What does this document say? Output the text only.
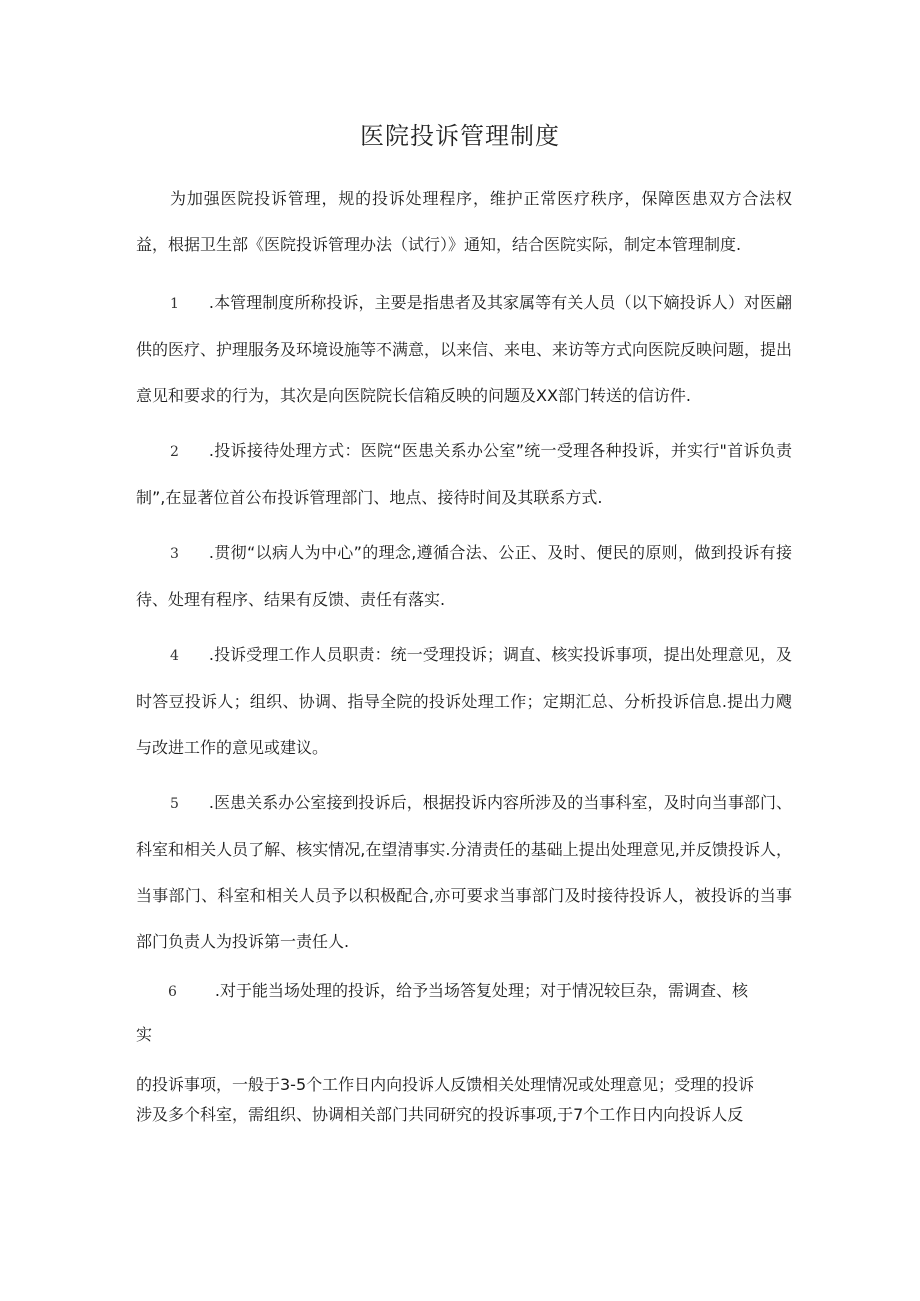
医院投诉管理制度

为加强医院投诉管理，规的投诉处理程序，维护正常医疗秩序，保障医患双方合法权益，根据卫生部《医院投诉管理办法（试行）》通知，结合医院实际，制定本管理制度.

1 .本管理制度所称投诉，主要是指患者及其家属等有关人员（以下嫡投诉人）对医翩供的医疗、护理服务及环境设施等不满意，以来信、来电、来访等方式向医院反映问题，提出意见和要求的行为，其次是向医院院长信箱反映的问题及XX部门转送的信访件.

2 .投诉接待处理方式：医院“医患关系办公室”统一受理各种投诉，并实行"首诉负责制”,在显著位首公布投诉管理部门、地点、接待时间及其联系方式.

3 .贯彻“以病人为中心”的理念,遵循合法、公正、及时、便民的原则，做到投诉有接待、处理有程序、结果有反馈、责任有落实.

4 .投诉受理工作人员职责：统一受理投诉；调直、核实投诉事项，提出处理意见，及时答豆投诉人；组织、协调、指导全院的投诉处理工作；定期汇总、分析投诉信息.提出力飕与改进工作的意见或建议。

5 .医患关系办公室接到投诉后，根据投诉内容所涉及的当事科室，及时向当事部门、科室和相关人员了解、核实情况,在望清事实.分清责任的基础上提出处理意见,并反馈投诉人，当事部门、科室和相关人员予以积极配合,亦可要求当事部门及时接待投诉人，被投诉的当事部门负责人为投诉第一责任人.

6 .对于能当场处理的投诉，给予当场答复处理；对于情况较巨杂，需调查、核
实
的投诉事项，一般于3-5个工作日内向投诉人反馈相关处理情况或处理意见；受理的投诉
涉及多个科室，需组织、协调相关部门共同研究的投诉事项,于7个工作日内向投诉人反
